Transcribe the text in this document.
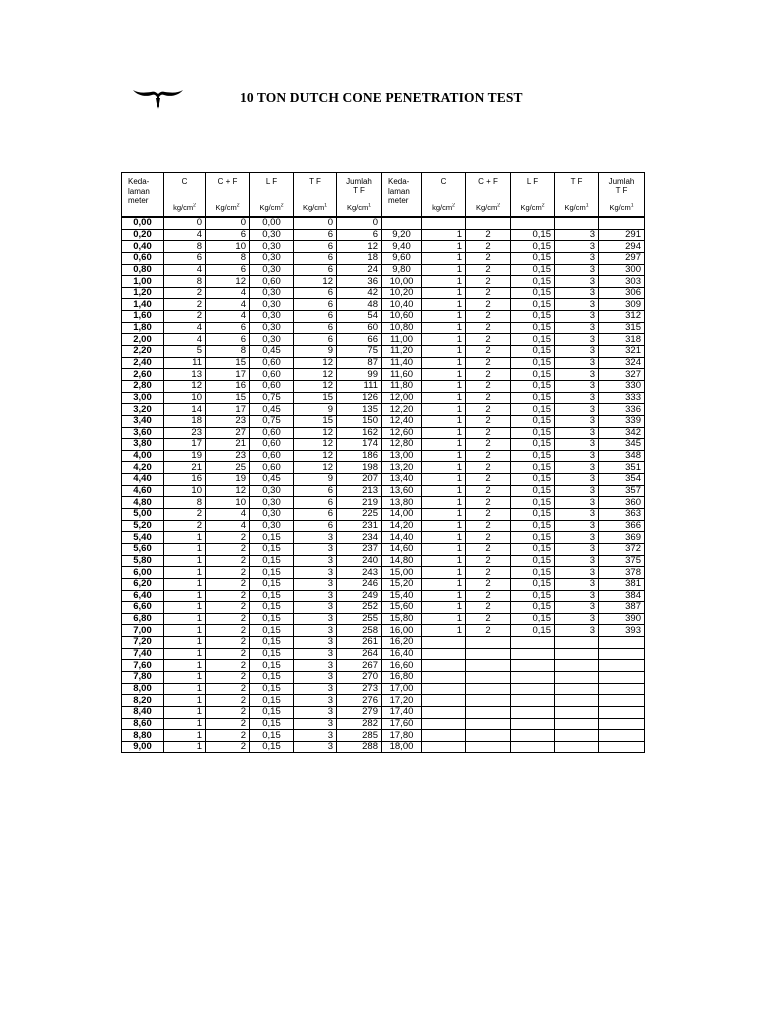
10 TON DUTCH CONE PENETRATION TEST
Keda-
laman
meter	C	C + F	L F	T F	Jumlah
T F	Keda-
laman
meter	C	C + F	L F	T F	Jumlah
T F
	$kg/cm^2$	$Kg/cm^2$	$Kg/cm^2$	$Kg/cm^1$	$Kg/cm^1$		$kg/cm^2$	$Kg/cm^2$	$Kg/cm^2$	$Kg/cm^1$	$Kg/cm^1$
0,00	0	0	0,00	0	0						
0,20	4	6	0,30	6	6	9,20	1	2	0,15	3	291
0,40	8	10	0,30	6	12	9,40	1	2	0,15	3	294
0,60	6	8	0,30	6	18	9,60	1	2	0,15	3	297
0,80	4	6	0,30	6	24	9,80	1	2	0,15	3	300
1,00	8	12	0,60	12	36	10,00	1	2	0,15	3	303
1,20	2	4	0,30	6	42	10,20	1	2	0,15	3	306
1,40	2	4	0,30	6	48	10,40	1	2	0,15	3	309
1,60	2	4	0,30	6	54	10,60	1	2	0,15	3	312
1,80	4	6	0,30	6	60	10,80	1	2	0,15	3	315
2,00	4	6	0,30	6	66	11,00	1	2	0,15	3	318
2,20	5	8	0,45	9	75	11,20	1	2	0,15	3	321
2,40	11	15	0,60	12	87	11,40	1	2	0,15	3	324
2,60	13	17	0,60	12	99	11,60	1	2	0,15	3	327
2,80	12	16	0,60	12	111	11,80	1	2	0,15	3	330
3,00	10	15	0,75	15	126	12,00	1	2	0,15	3	333
3,20	14	17	0,45	9	135	12,20	1	2	0,15	3	336
3,40	18	23	0,75	15	150	12,40	1	2	0,15	3	339
3,60	23	27	0,60	12	162	12,60	1	2	0,15	3	342
3,80	17	21	0,60	12	174	12,80	1	2	0,15	3	345
4,00	19	23	0,60	12	186	13,00	1	2	0,15	3	348
4,20	21	25	0,60	12	198	13,20	1	2	0,15	3	351
4,40	16	19	0,45	9	207	13,40	1	2	0,15	3	354
4,60	10	12	0,30	6	213	13,60	1	2	0,15	3	357
4,80	8	10	0,30	6	219	13,80	1	2	0,15	3	360
5,00	2	4	0,30	6	225	14,00	1	2	0,15	3	363
5,20	2	4	0,30	6	231	14,20	1	2	0,15	3	366
5,40	1	2	0,15	3	234	14,40	1	2	0,15	3	369
5,60	1	2	0,15	3	237	14,60	1	2	0,15	3	372
5,80	1	2	0,15	3	240	14,80	1	2	0,15	3	375
6,00	1	2	0,15	3	243	15,00	1	2	0,15	3	378
6,20	1	2	0,15	3	246	15,20	1	2	0,15	3	381
6,40	1	2	0,15	3	249	15,40	1	2	0,15	3	384
6,60	1	2	0,15	3	252	15,60	1	2	0,15	3	387
6,80	1	2	0,15	3	255	15,80	1	2	0,15	3	390
7,00	1	2	0,15	3	258	16,00	1	2	0,15	3	393
7,20	1	2	0,15	3	261	16,20					
7,40	1	2	0,15	3	264	16,40					
7,60	1	2	0,15	3	267	16,60					
7,80	1	2	0,15	3	270	16,80					
8,00	1	2	0,15	3	273	17,00					
8,20	1	2	0,15	3	276	17,20					
8,40	1	2	0,15	3	279	17,40					
8,60	1	2	0,15	3	282	17,60					
8,80	1	2	0,15	3	285	17,80					
9,00	1	2	0,15	3	288	18,00					
